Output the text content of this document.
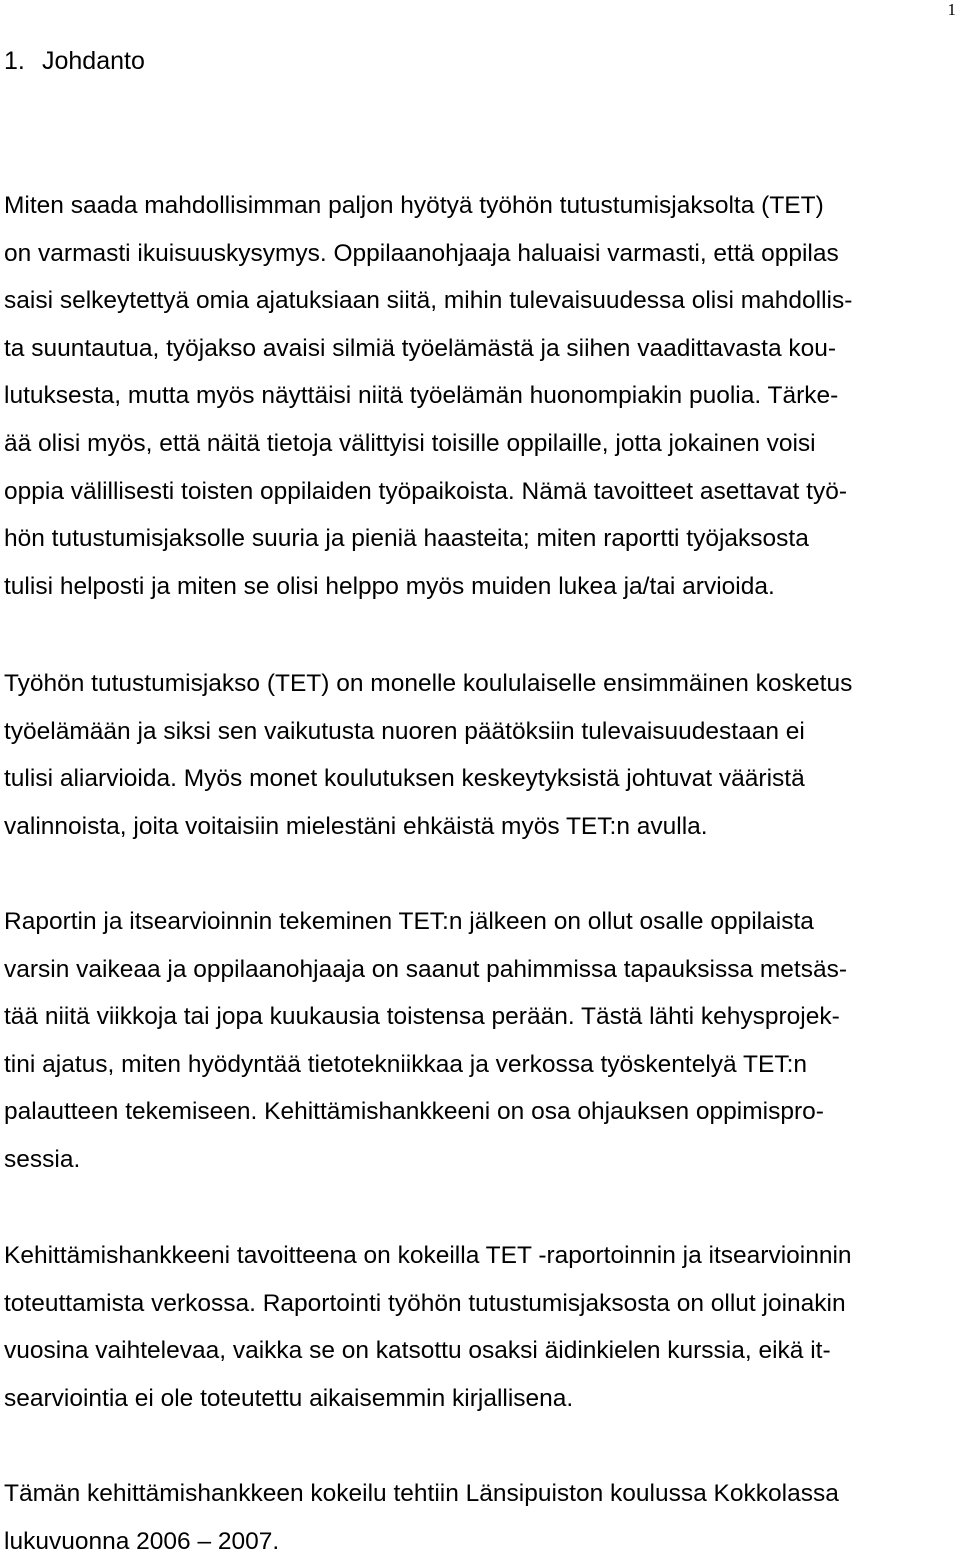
1
1. Johdanto

Miten saada mahdollisimman paljon hyötyä työhön tutustumisjaksolta (TET)
on varmasti ikuisuuskysymys. Oppilaanohjaaja haluaisi varmasti, että oppilas
saisi selkeytettyä omia ajatuksiaan siitä, mihin tulevaisuudessa olisi mahdollis-
ta suuntautua, työjakso avaisi silmiä työelämästä ja siihen vaadittavasta kou-
lutuksesta, mutta myös näyttäisi niitä työelämän huonompiakin puolia. Tärke-
ää olisi myös, että näitä tietoja välittyisi toisille oppilaille, jotta jokainen voisi
oppia välillisesti toisten oppilaiden työpaikoista. Nämä tavoitteet asettavat työ-
hön tutustumisjaksolle suuria ja pieniä haasteita; miten raportti työjaksosta
tulisi helposti ja miten se olisi helppo myös muiden lukea ja/tai arvioida.

Työhön tutustumisjakso (TET) on monelle koululaiselle ensimmäinen kosketus
työelämään ja siksi sen vaikutusta nuoren päätöksiin tulevaisuudestaan ei
tulisi aliarvioida. Myös monet koulutuksen keskeytyksistä johtuvat vääristä
valinnoista, joita voitaisiin mielestäni ehkäistä myös TET:n avulla.

Raportin ja itsearvioinnin tekeminen TET:n jälkeen on ollut osalle oppilaista
varsin vaikeaa ja oppilaanohjaaja on saanut pahimmissa tapauksissa metsäs-
tää niitä viikkoja tai jopa kuukausia toistensa perään. Tästä lähti kehysprojek-
tini ajatus, miten hyödyntää tietotekniikkaa ja verkossa työskentelyä TET:n
palautteen tekemiseen. Kehittämishankkeeni on osa ohjauksen oppimispro-
sessia.

Kehittämishankkeeni tavoitteena on kokeilla TET -raportoinnin ja itsearvioinnin
toteuttamista verkossa. Raportointi työhön tutustumisjaksosta on ollut joinakin
vuosina vaihtelevaa, vaikka se on katsottu osaksi äidinkielen kurssia, eikä it-
searviointia ei ole toteutettu aikaisemmin kirjallisena.

Tämän kehittämishankkeen kokeilu tehtiin Länsipuiston koulussa Kokkolassa
lukuvuonna 2006 – 2007.
